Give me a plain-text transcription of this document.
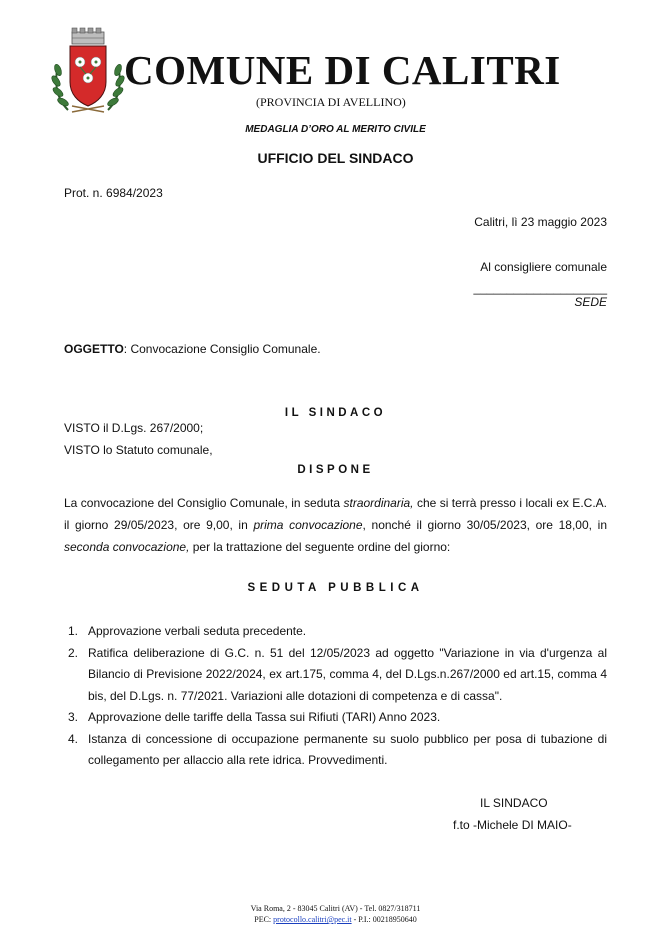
COMUNE DI CALITRI
(PROVINCIA DI AVELLINO)
MEDAGLIA D’ORO AL MERITO CIVILE
UFFICIO DEL SINDACO
Prot. n. 6984/2023
Calitri, lì 23 maggio 2023
Al consigliere comunale
____________________
SEDE
OGGETTO: Convocazione Consiglio Comunale.
IL SINDACO
VISTO il D.Lgs. 267/2000;
VISTO lo Statuto comunale,
DISPONE
La convocazione del Consiglio Comunale, in seduta straordinaria, che si terrà presso i locali ex E.C.A. il giorno 29/05/2023, ore 9,00, in prima convocazione, nonché il giorno 30/05/2023, ore 18,00, in seconda convocazione, per la trattazione del seguente ordine del giorno:
SEDUTA PUBBLICA
1. Approvazione verbali seduta precedente.
2. Ratifica deliberazione di G.C. n. 51 del 12/05/2023 ad oggetto "Variazione in via d'urgenza al Bilancio di Previsione 2022/2024, ex art.175, comma 4, del D.Lgs.n.267/2000 ed art.15, comma 4 bis, del D.Lgs. n. 77/2021. Variazioni alle dotazioni di competenza e di cassa".
3. Approvazione delle tariffe della Tassa sui Rifiuti (TARI) Anno 2023.
4. Istanza di concessione di occupazione permanente su suolo pubblico per posa di tubazione di collegamento per allaccio alla rete idrica. Provvedimenti.
IL SINDACO
f.to -Michele DI MAIO-
Via Roma, 2 - 83045 Calitri (AV) - Tel. 0827/318711
PEC: protocollo.calitri@pec.it - P.I.: 00218950640
